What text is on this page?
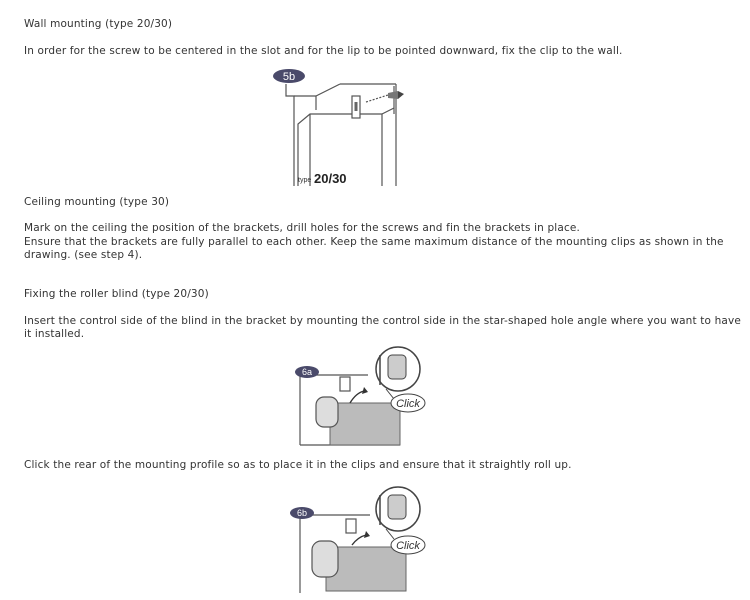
Wall mounting (type 20/30)

In order for the screw to be centered in the slot and for the lip to be pointed downward, fix the clip to the wall.

5b
type 20/30

Ceiling mounting (type 30)

Mark on the ceiling the position of the brackets, drill holes for the screws and fin the brackets in place.

Ensure that the brackets are fully parallel to each other. Keep the same maximum distance of the mounting clips as shown in the drawing. (see step 4).

Fixing the roller blind (type 20/30)

Insert the control side of the blind in the bracket by mounting the control side in the star-shaped hole angle where you want to have it installed.

Click
6a

Click the rear of the mounting profile so as to place it in the clips and ensure that it straightly roll up.

Click
6b
